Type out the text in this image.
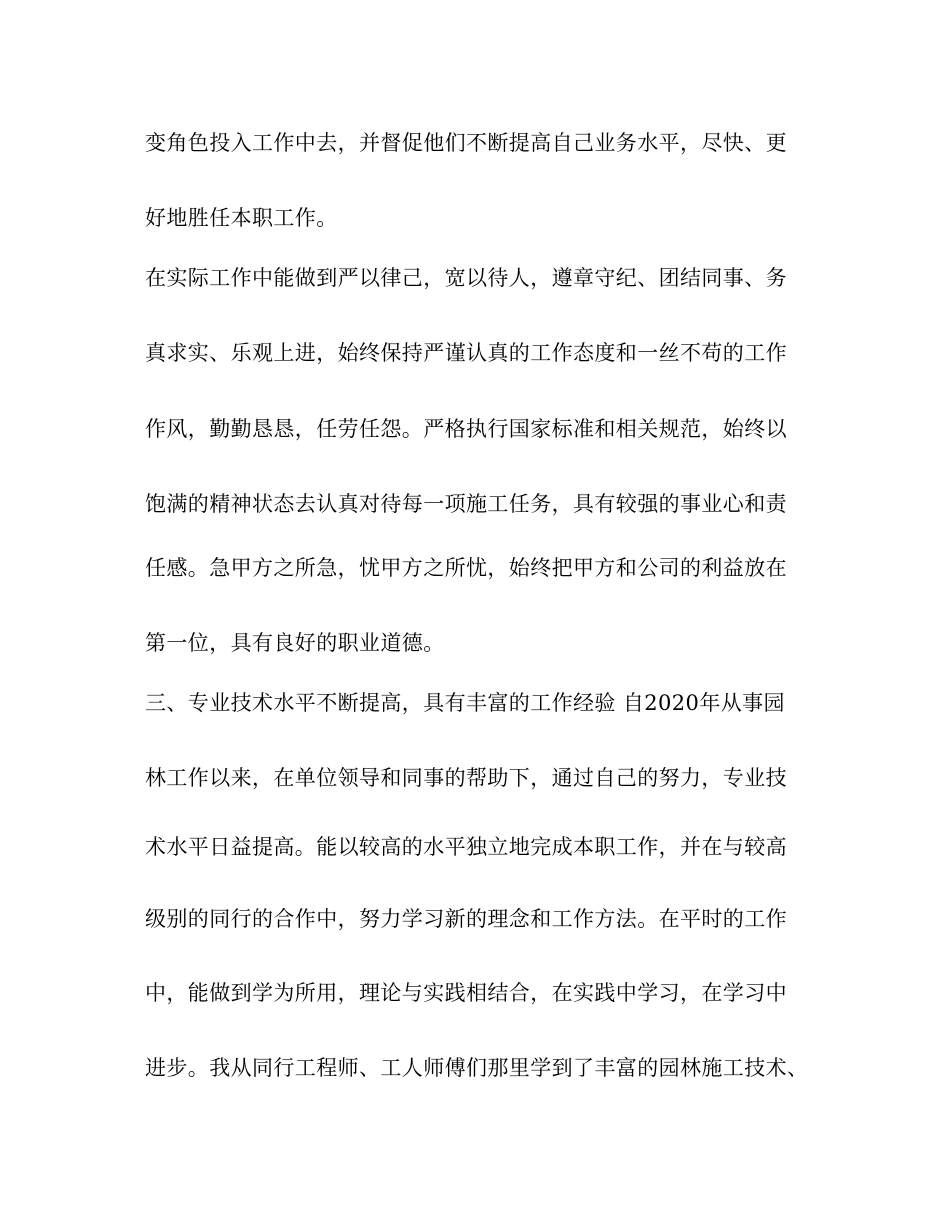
变角色投入工作中去，并督促他们不断提高自己业务水平，尽快、更
好地胜任本职工作。
在实际工作中能做到严以律己，宽以待人，遵章守纪、团结同事、务
真求实、乐观上进，始终保持严谨认真的工作态度和一丝不苟的工作
作风，勤勤恳恳，任劳任怨。严格执行国家标准和相关规范，始终以
饱满的精神状态去认真对待每一项施工任务，具有较强的事业心和责
任感。急甲方之所急，忧甲方之所忧，始终把甲方和公司的利益放在
第一位，具有良好的职业道德。
三、专业技术水平不断提高，具有丰富的工作经验 自2020年从事园
林工作以来，在单位领导和同事的帮助下，通过自己的努力，专业技
术水平日益提高。能以较高的水平独立地完成本职工作，并在与较高
级别的同行的合作中，努力学习新的理念和工作方法。在平时的工作
中，能做到学为所用，理论与实践相结合，在实践中学习，在学习中
进步。我从同行工程师、工人师傅们那里学到了丰富的园林施工技术、
